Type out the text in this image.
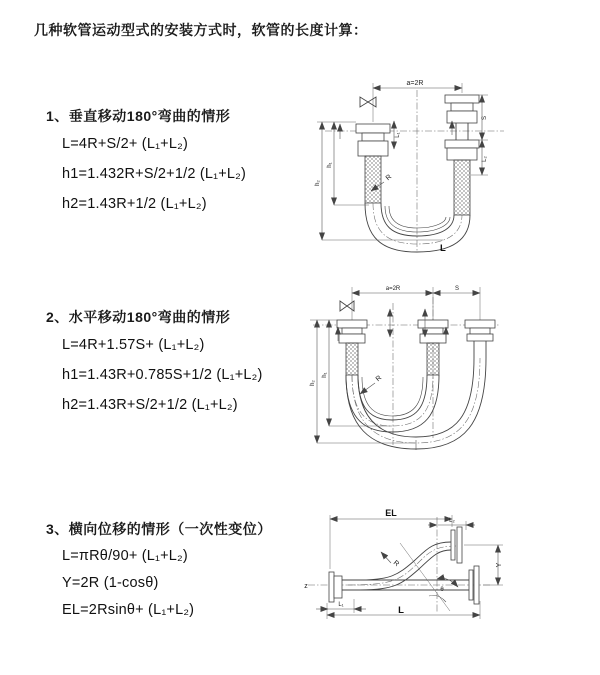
几种软管运动型式的安装方式时，软管的长度计算：
1、垂直移动180°弯曲的情形
L=4R+S/2+ (L₁+L₂)
h1=1.432R+S/2+1/2 (L₁+L₂)
h2=1.43R+1/2 (L₁+L₂)
2、水平移动180°弯曲的情形
L=4R+1.57S+ (L₁+L₂)
h1=1.43R+0.785S+1/2 (L₁+L₂)
h2=1.43R+S/2+1/2 (L₁+L₂)
3、横向位移的情形（一次性变位）
L=πRθ/90+ (L₁+L₂)
Y=2R (1-cosθ)
EL=2Rsinθ+ (L₁+L₂)
a=2R
h₂
h₁
L₁
S
L₂
R
L
a=2R	S
h₂
h₁	R
z
EL
L₂
Y
θ
R
L
L₁
